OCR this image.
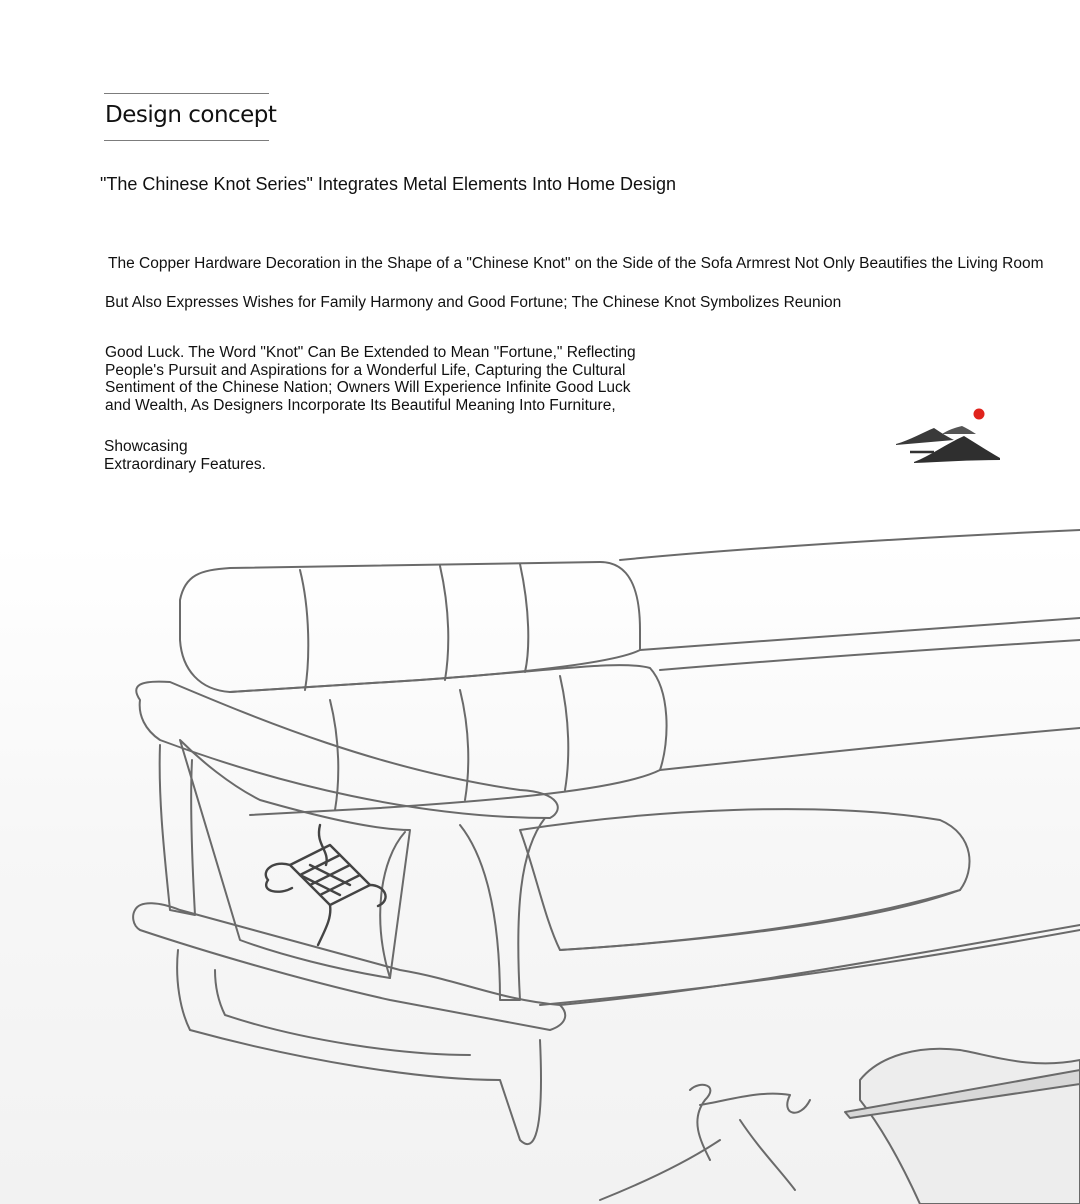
Design concept
"The Chinese Knot Series" Integrates Metal Elements Into Home Design
The Copper Hardware Decoration in the Shape of a "Chinese Knot" on the Side of the Sofa Armrest Not Only Beautifies the Living Room
But Also Expresses Wishes for Family Harmony and Good Fortune; The Chinese Knot Symbolizes Reunion
Good Luck. The Word "Knot" Can Be Extended to Mean "Fortune," Reflecting
People's Pursuit and Aspirations for a Wonderful Life, Capturing the Cultural
Sentiment of the Chinese Nation; Owners Will Experience Infinite Good Luck
and Wealth, As Designers Incorporate Its Beautiful Meaning Into Furniture,
Showcasing
Extraordinary Features.
